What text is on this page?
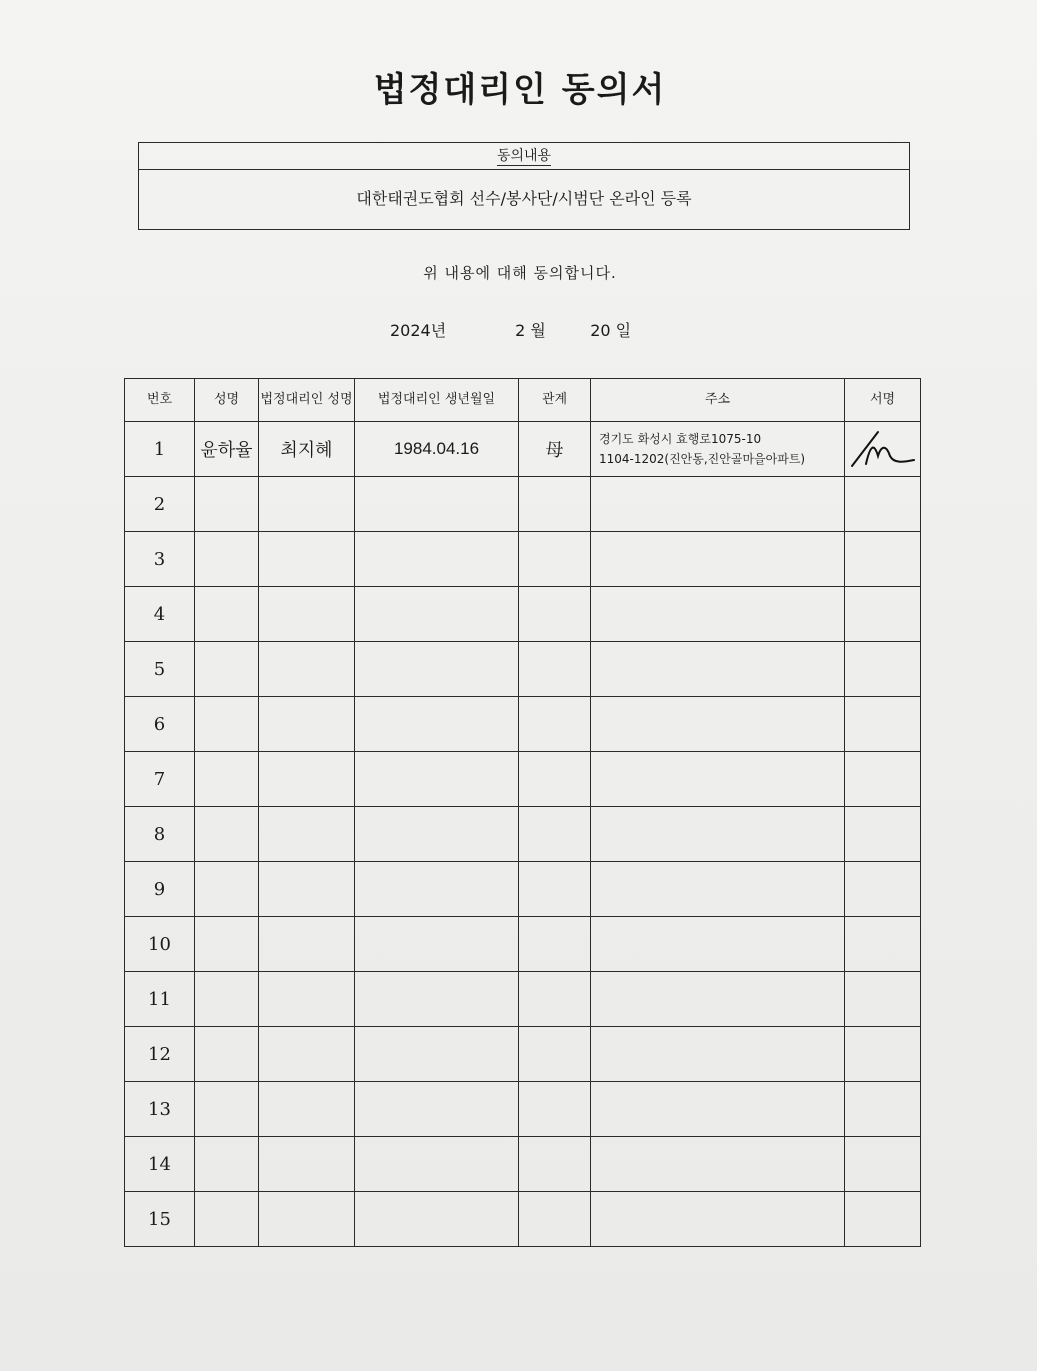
법정대리인 동의서
동의내용
대한태권도협회 선수/봉사단/시범단 온라인 등록
위 내용에 대해 동의합니다.
2024년	2 월	20 일
번호	성명	법정대리인 성명	법정대리인 생년월일	관계	주소	서명
1	윤하율	최지혜	1984.04.16	母	경기도 화성시 효행로1075-10
1104-1202(진안동,진안골마을아파트)

2						
3						
4						
5						
6						
7						
8						
9						
10						
11						
12						
13						
14						
15						
